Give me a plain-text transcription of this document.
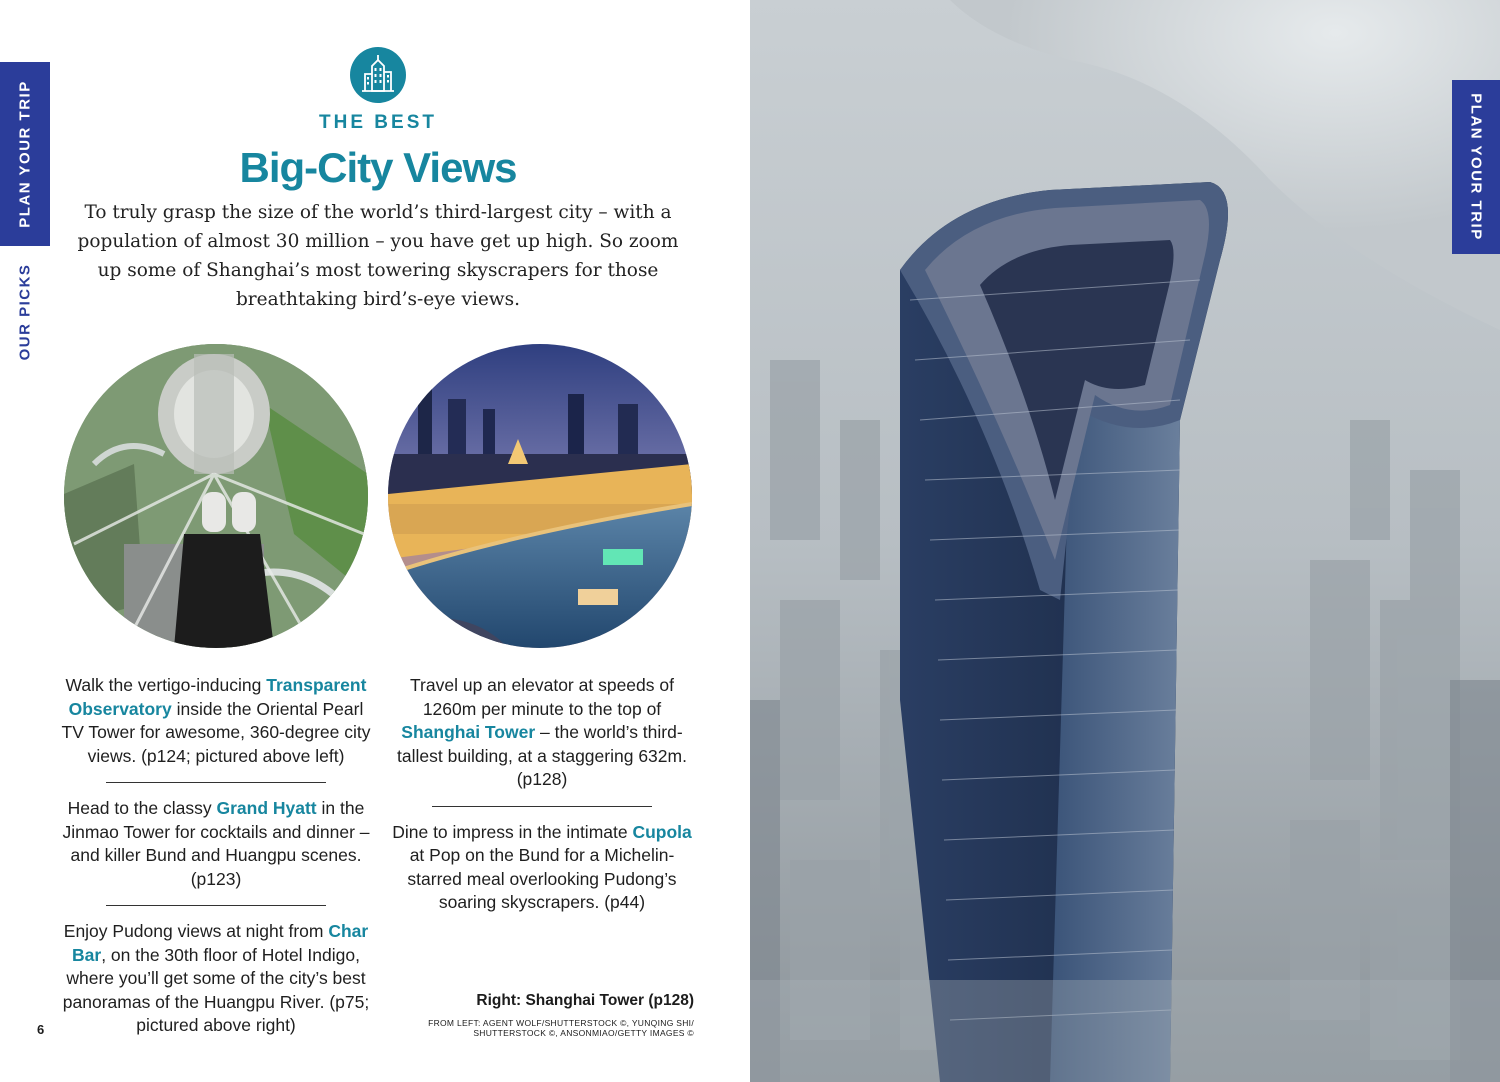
PLAN YOUR TRIP
OUR PICKS
THE BEST
Big-City Views
To truly grasp the size of the world’s third-largest city – with a population of almost 30 million – you have get up high. So zoom up some of Shanghai’s most towering skyscrapers for those breathtaking bird’s-eye views.
Walk the vertigo-inducing Transparent Observatory inside the Oriental Pearl TV Tower for awesome, 360-degree city views. (p124; pictured above left)
Head to the classy Grand Hyatt in the Jinmao Tower for cocktails and dinner – and killer Bund and Huangpu scenes. (p123)
Enjoy Pudong views at night from Char Bar, on the 30th floor of Hotel Indigo, where you’ll get some of the city’s best panoramas of the Huangpu River. (p75; pictured above right)
Travel up an elevator at speeds of 1260m per minute to the top of Shanghai Tower – the world’s third-tallest building, at a staggering 632m. (p128)
Dine to impress in the intimate Cupola at Pop on the Bund for a Michelin-starred meal overlooking Pudong’s soaring skyscrapers. (p44)
Right: Shanghai Tower (p128)
FROM LEFT: AGENT WOLF/SHUTTERSTOCK ©, YUNQING SHI/ SHUTTERSTOCK ©, ANSONMIAO/GETTY IMAGES ©
6
PLAN YOUR TRIP
